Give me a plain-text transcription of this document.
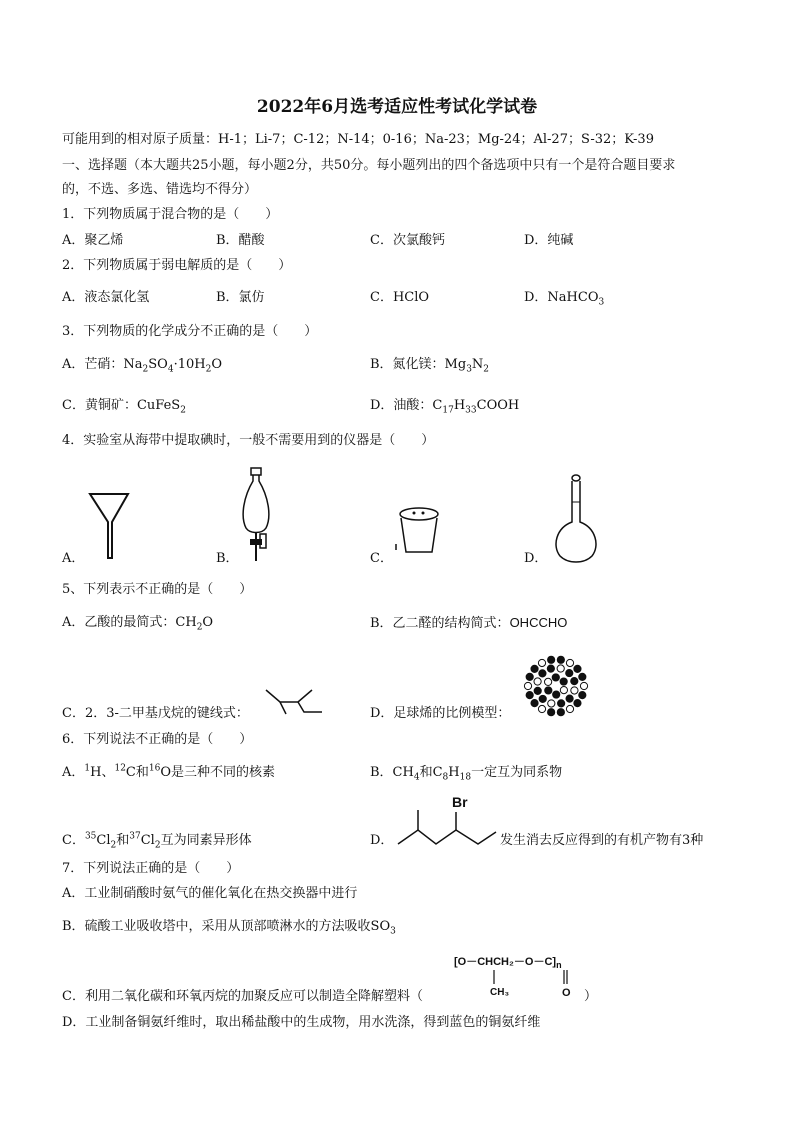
2022年6月选考适应性考试化学试卷
可能用到的相对原子质量：H-1；Li-7；C-12；N-14；0-16；Na-23；Mg-24；Al-27；S-32；K-39
一、选择题（本大题共25小题，每小题2分，共50分。每小题列出的四个备选项中只有一个是符合题目要求
的，不选、多选、错选均不得分）
1．下列物质属于混合物的是（　　）
A．聚乙烯	B．醋酸	C．次氯酸钙	D．纯碱
2．下列物质属于弱电解质的是（　　）
A．液态氯化氢	B．氯仿	C．HClO	D．NaHCO$_3$
3．下列物质的化学成分不正确的是（　　）
A．芒硝：$Na_2SO_4\cdot 10H_2O$	B．氮化镁：$Mg_3N_2$
C．黄铜矿：CuFeS$_2$	D．油酸：$C_{17}H_{33}COOH$
4．实验室从海带中提取碘时，一般不需要用到的仪器是（　　）
A．	B．	C．	D．
5、下列表示不正确的是（　　）
A．乙酸的最简式：$CH_2O$	B．乙二醛的结构简式：OHCCHO
C．2．3-二甲基戊烷的键线式：	D．足球烯的比例模型：
6．下列说法不正确的是（　　）
A．$^1$H、$^{12}$C和$^{16}$O是三种不同的核素	B．$CH_4$和$C_8H_{18}$一定互为同系物
C．$^{35}Cl_2$和$^{37}Cl_2$互为同素异形体	D．
Br
发生消去反应得到的有机产物有3种
7．下列说法正确的是（　　）
A．工业制硝酸时氨气的催化氧化在热交换器中进行
B．硫酸工业吸收塔中，采用从顶部喷淋水的方法吸收$SO_3$
$[O-CHCH_2-O-C]_n$
CH₃	O
C．利用二氧化碳和环氧丙烷的加聚反应可以制造全降解塑料（	）
D．工业制备铜氨纤维时，取出稀盐酸中的生成物，用水洗涤，得到蓝色的铜氨纤维
